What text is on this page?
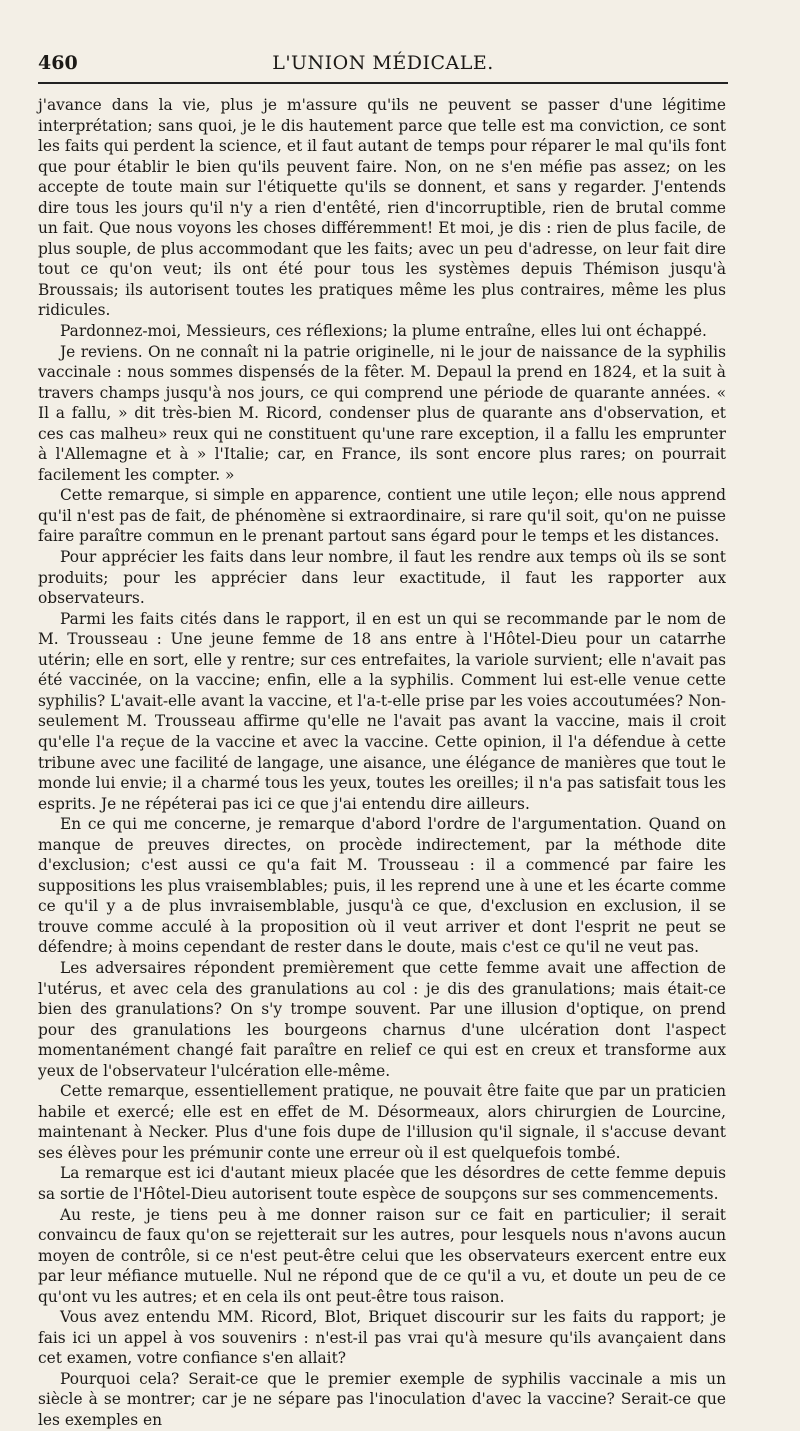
460	L'UNION MÉDICALE.

j'avance dans la vie, plus je m'assure qu'ils ne peuvent se passer d'une légitime interprétation; sans quoi, je le dis hautement parce que telle est ma conviction, ce sont les faits qui perdent la science, et il faut autant de temps pour réparer le mal qu'ils font que pour établir le bien qu'ils peuvent faire. Non, on ne s'en méfie pas assez; on les accepte de toute main sur l'étiquette qu'ils se donnent, et sans y regarder. J'entends dire tous les jours qu'il n'y a rien d'entêté, rien d'incorruptible, rien de brutal comme un fait. Que nous voyons les choses différemment! Et moi, je dis : rien de plus facile, de plus souple, de plus accommodant que les faits; avec un peu d'adresse, on leur fait dire tout ce qu'on veut; ils ont été pour tous les systèmes depuis Thémison jusqu'à Broussais; ils autorisent toutes les pratiques même les plus contraires, même les plus ridicules.

Pardonnez-moi, Messieurs, ces réflexions; la plume entraîne, elles lui ont échappé.

Je reviens. On ne connaît ni la patrie originelle, ni le jour de naissance de la syphilis vaccinale : nous sommes dispensés de la fêter. M. Depaul la prend en 1824, et la suit à travers champs jusqu'à nos jours, ce qui comprend une période de quarante années. « Il a fallu, » dit très-bien M. Ricord, condenser plus de quarante ans d'observation, et ces cas malheu» reux qui ne constituent qu'une rare exception, il a fallu les emprunter à l'Allemagne et à » l'Italie; car, en France, ils sont encore plus rares; on pourrait facilement les compter. »

Cette remarque, si simple en apparence, contient une utile leçon; elle nous apprend qu'il n'est pas de fait, de phénomène si extraordinaire, si rare qu'il soit, qu'on ne puisse faire paraître commun en le prenant partout sans égard pour le temps et les distances.

Pour apprécier les faits dans leur nombre, il faut les rendre aux temps où ils se sont produits; pour les apprécier dans leur exactitude, il faut les rapporter aux observateurs.

Parmi les faits cités dans le rapport, il en est un qui se recommande par le nom de M. Trousseau : Une jeune femme de 18 ans entre à l'Hôtel-Dieu pour un catarrhe utérin; elle en sort, elle y rentre; sur ces entrefaites, la variole survient; elle n'avait pas été vaccinée, on la vaccine; enfin, elle a la syphilis. Comment lui est-elle venue cette syphilis? L'avait-elle avant la vaccine, et l'a-t-elle prise par les voies accoutumées? Non-seulement M. Trousseau affirme qu'elle ne l'avait pas avant la vaccine, mais il croit qu'elle l'a reçue de la vaccine et avec la vaccine. Cette opinion, il l'a défendue à cette tribune avec une facilité de langage, une aisance, une élégance de manières que tout le monde lui envie; il a charmé tous les yeux, toutes les oreilles; il n'a pas satisfait tous les esprits. Je ne répéterai pas ici ce que j'ai entendu dire ailleurs.

En ce qui me concerne, je remarque d'abord l'ordre de l'argumentation. Quand on manque de preuves directes, on procède indirectement, par la méthode dite d'exclusion; c'est aussi ce qu'a fait M. Trousseau : il a commencé par faire les suppositions les plus vraisemblables; puis, il les reprend une à une et les écarte comme ce qu'il y a de plus invraisemblable, jusqu'à ce que, d'exclusion en exclusion, il se trouve comme acculé à la proposition où il veut arriver et dont l'esprit ne peut se défendre; à moins cependant de rester dans le doute, mais c'est ce qu'il ne veut pas.

Les adversaires répondent premièrement que cette femme avait une affection de l'utérus, et avec cela des granulations au col : je dis des granulations; mais était-ce bien des granulations? On s'y trompe souvent. Par une illusion d'optique, on prend pour des granulations les bourgeons charnus d'une ulcération dont l'aspect momentanément changé fait paraître en relief ce qui est en creux et transforme aux yeux de l'observateur l'ulcération elle-même.

Cette remarque, essentiellement pratique, ne pouvait être faite que par un praticien habile et exercé; elle est en effet de M. Désormeaux, alors chirurgien de Lourcine, maintenant à Necker. Plus d'une fois dupe de l'illusion qu'il signale, il s'accuse devant ses élèves pour les prémunir conte une erreur où il est quelquefois tombé.

La remarque est ici d'autant mieux placée que les désordres de cette femme depuis sa sortie de l'Hôtel-Dieu autorisent toute espèce de soupçons sur ses commencements.

Au reste, je tiens peu à me donner raison sur ce fait en particulier; il serait convaincu de faux qu'on se rejetterait sur les autres, pour lesquels nous n'avons aucun moyen de contrôle, si ce n'est peut-être celui que les observateurs exercent entre eux par leur méfiance mutuelle. Nul ne répond que de ce qu'il a vu, et doute un peu de ce qu'ont vu les autres; et en cela ils ont peut-être tous raison.

Vous avez entendu MM. Ricord, Blot, Briquet discourir sur les faits du rapport; je fais ici un appel à vos souvenirs : n'est-il pas vrai qu'à mesure qu'ils avançaient dans cet examen, votre confiance s'en allait?

Pourquoi cela? Serait-ce que le premier exemple de syphilis vaccinale a mis un siècle à se montrer; car je ne sépare pas l'inoculation d'avec la vaccine? Serait-ce que les exemples en
